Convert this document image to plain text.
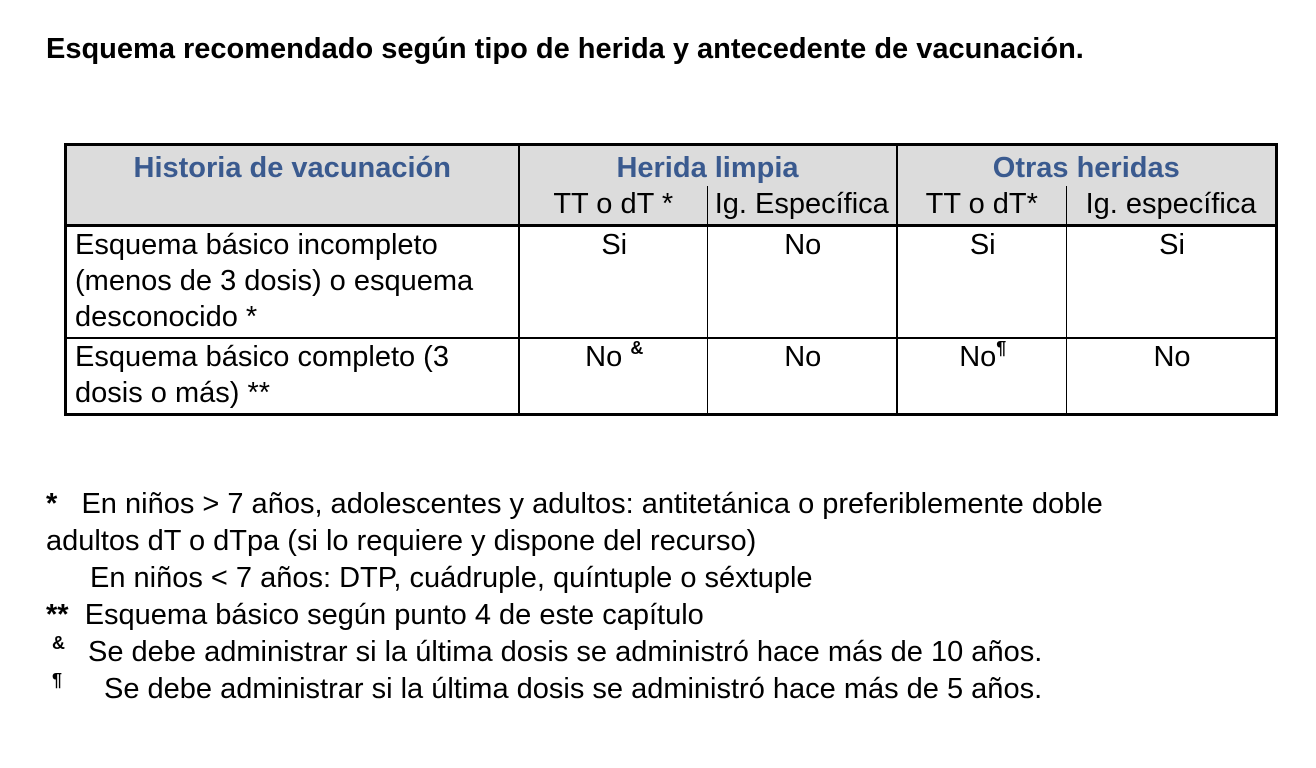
Esquema recomendado según tipo de herida y antecedente de vacunación.
Historia de vacunación	Herida limpia		Otras heridas	
	TT o dT *	Ig. Específica	TT o dT*	Ig. específica
Esquema básico incompleto (menos de 3 dosis) o esquema desconocido *	Si	No	Si	Si
Esquema básico completo (3 dosis o más) **	No &	No	No¶	No
* En niños > 7 años, adolescentes y adultos: antitetánica o preferiblemente doble
adultos dT o dTpa (si lo requiere y dispone del recurso)
En niños < 7 años: DTP, cuádruple, quíntuple o séxtuple
** Esquema básico según punto 4 de este capítulo
& Se debe administrar si la última dosis se administró hace más de 10 años.
¶ Se debe administrar si la última dosis se administró hace más de 5 años.
